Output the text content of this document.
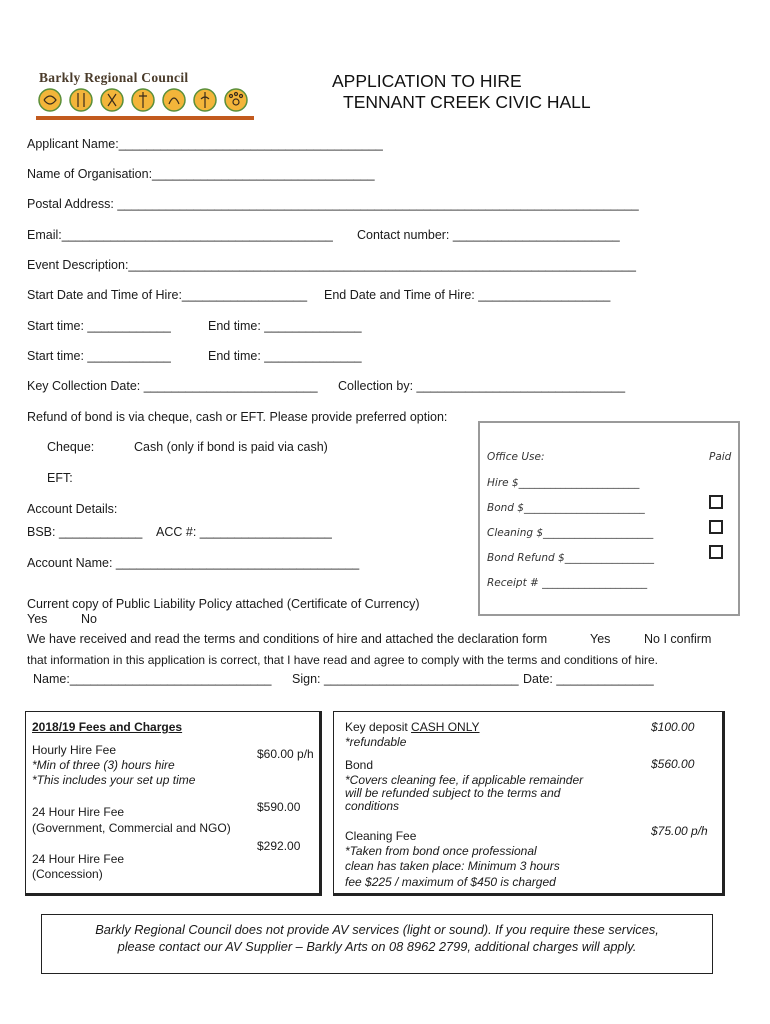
Barkly Regional Council	APPLICATION TO HIRE
TENNANT CREEK CIVIC HALL
Applicant Name:______________________________________
Name of Organisation:________________________________
Postal Address: ___________________________________________________________________________
Email:_______________________________________ Contact number: ________________________
Event Description:_________________________________________________________________________
Start Date and Time of Hire:__________________ End Date and Time of Hire: ___________________
Start time: ____________	End time: ______________
Start time: ____________	End time: ______________
Key Collection Date: _________________________ Collection by: ______________________________
Refund of bond is via cheque, cash or EFT. Please provide preferred option:
Cheque:	Cash (only if bond is paid via cash)
EFT:
Account Details:
BSB: ____________ ACC #: ___________________
Account Name: ___________________________________
Office Use:	Paid
Hire $_______________________
Bond $_______________________
Cleaning $_____________________
Bond Refund $_________________
Receipt # ____________________
Current copy of Public Liability Policy attached (Certificate of Currency)
Yes	No
We have received and read the terms and conditions of hire and attached the declaration form	Yes	No I confirm
that information in this application is correct, that I have read and agree to comply with the terms and conditions of hire.
Name:_____________________________ Sign: ____________________________ Date: ______________
2018/19 Fees and Charges
Hourly Hire Fee
*Min of three (3) hours hire
*This includes your set up time
$60.00 p/h
24 Hour Hire Fee
(Government, Commercial and NGO)
$590.00
24 Hour Hire Fee
(Concession)
$292.00
Key deposit CASH ONLY
*refundable
$100.00
Bond
*Covers cleaning fee, if applicable remainder
will be refunded subject to the terms and
conditions
$560.00
Cleaning Fee
*Taken from bond once professional
clean has taken place: Minimum 3 hours
fee $225 / maximum of $450 is charged
$75.00 p/h
Barkly Regional Council does not provide AV services (light or sound). If you require these services,
please contact our AV Supplier – Barkly Arts on 08 8962 2799, additional charges will apply.
